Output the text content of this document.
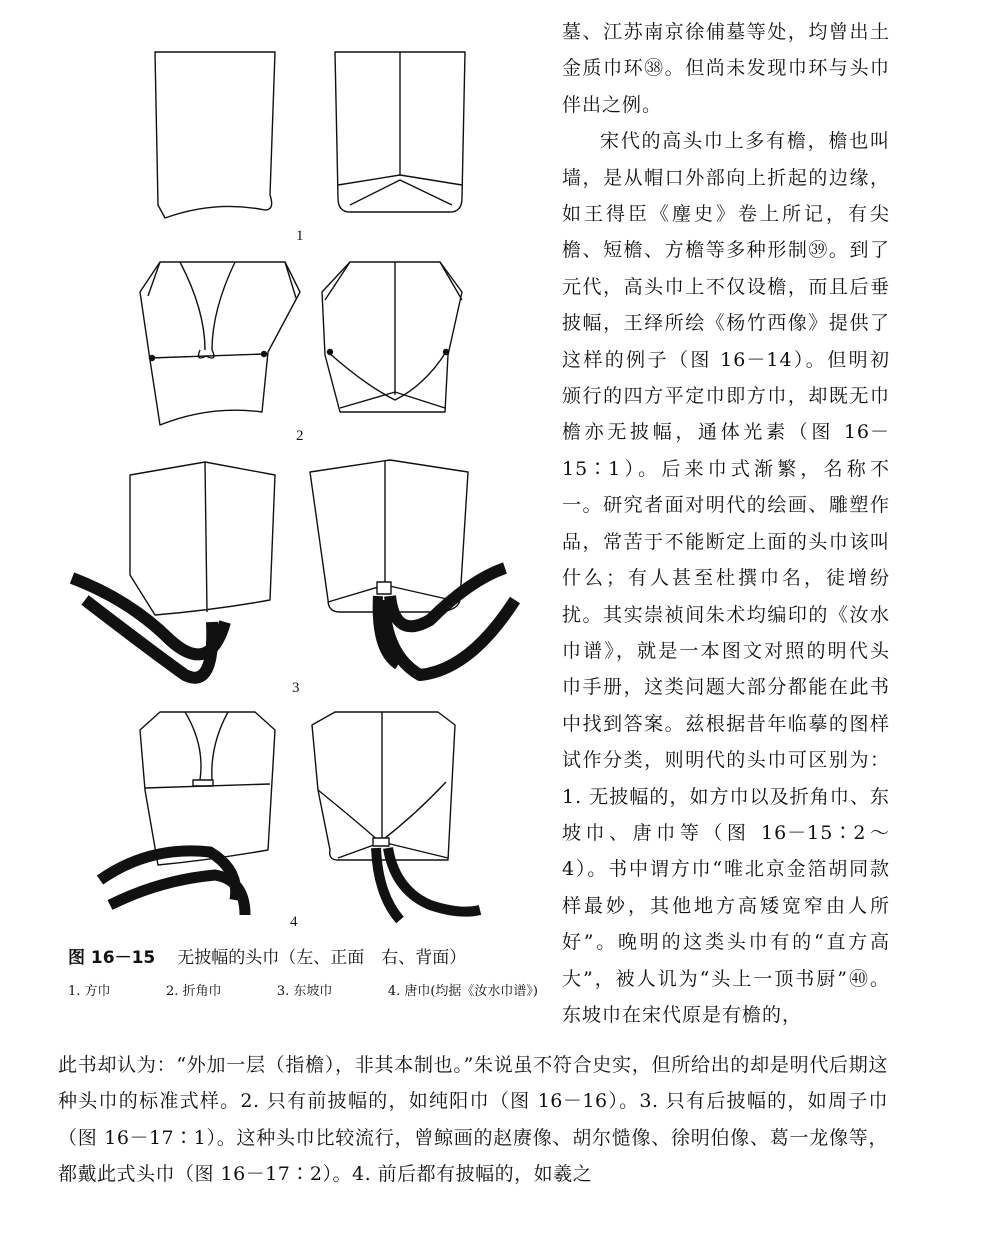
1
2
3
4
图 16－15 无披幅的头巾（左、正面　右、背面）
1. 方巾	2. 折角巾	3. 东坡巾	4. 唐巾(均据《汝水巾谱》)

墓、江苏南京徐俌墓等处，均曾出土金质巾环㊳。但尚未发现巾环与头巾伴出之例。

宋代的高头巾上多有檐，檐也叫墙，是从帽口外部向上折起的边缘，如王得臣《麈史》卷上所记，有尖檐、短檐、方檐等多种形制㊴。到了元代，高头巾上不仅设檐，而且后垂披幅，王绎所绘《杨竹西像》提供了这样的例子（图 16－14）。但明初颁行的四方平定巾即方巾，却既无巾檐亦无披幅，通体光素（图 16－15∶1）。后来巾式渐繁，名称不一。研究者面对明代的绘画、雕塑作品，常苦于不能断定上面的头巾该叫什么；有人甚至杜撰巾名，徒增纷扰。其实崇祯间朱术均编印的《汝水巾谱》，就是一本图文对照的明代头巾手册，这类问题大部分都能在此书中找到答案。兹根据昔年临摹的图样试作分类，则明代的头巾可区别为：1. 无披幅的，如方巾以及折角巾、东坡巾、唐巾等（图 16－15∶2～4）。书中谓方巾“唯北京金箔胡同款样最妙，其他地方高矮宽窄由人所好”。晚明的这类头巾有的“直方高大”，被人讥为“头上一顶书厨”㊵。东坡巾在宋代原是有檐的，

此书却认为：“外加一层（指檐），非其本制也。”朱说虽不符合史实，但所给出的却是明代后期这种头巾的标准式样。2. 只有前披幅的，如纯阳巾（图 16－16）。3. 只有后披幅的，如周子巾（图 16－17∶1）。这种头巾比较流行，曾鲸画的赵赓像、胡尔慥像、徐明伯像、葛一龙像等，都戴此式头巾（图 16－17∶2）。4. 前后都有披幅的，如羲之
